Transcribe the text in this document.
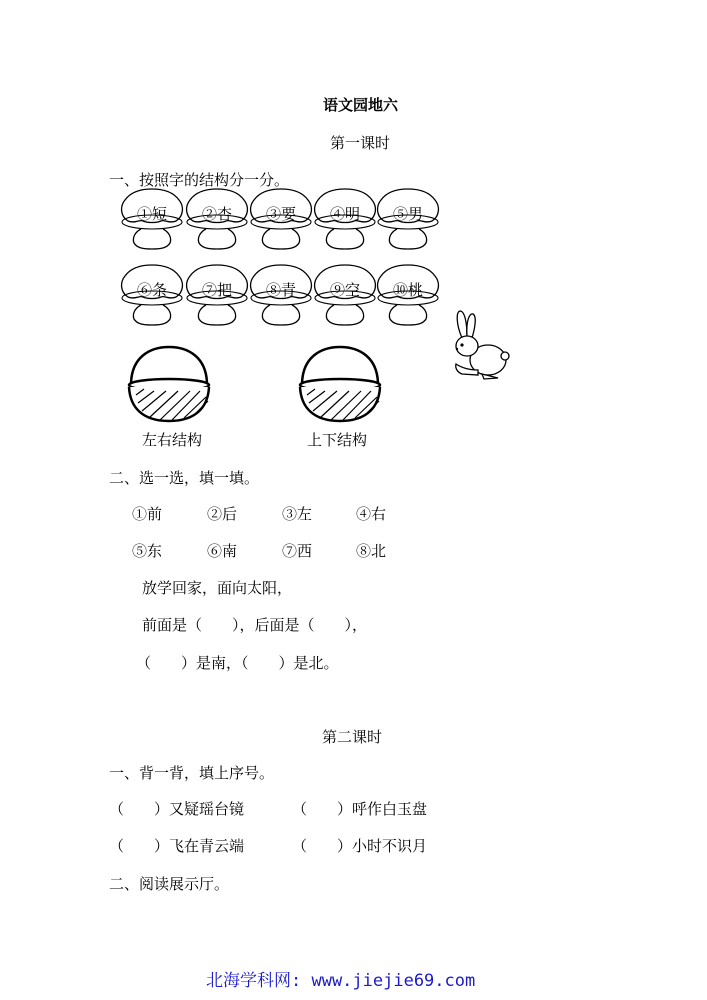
语文园地六
第一课时
一、按照字的结构分一分。
左右结构	上下结构
二、选一选，填一填。
①前	②后	③左	④右
⑤东	⑥南	⑦西	⑧北
放学回家，面向太阳，
前面是（　　），后面是（　　），
（　　）是南，（　　）是北。
第二课时
一、背一背，填上序号。
（　　）又疑瑶台镜	（　　）呼作白玉盘
（　　）飞在青云端	（　　）小时不识月
二、阅读展示厅。
北海学科网: www.jiejie69.com
①短	②杏	③要	④明	⑤男
⑥条	⑦把	⑧青	⑨空	⑩桃
